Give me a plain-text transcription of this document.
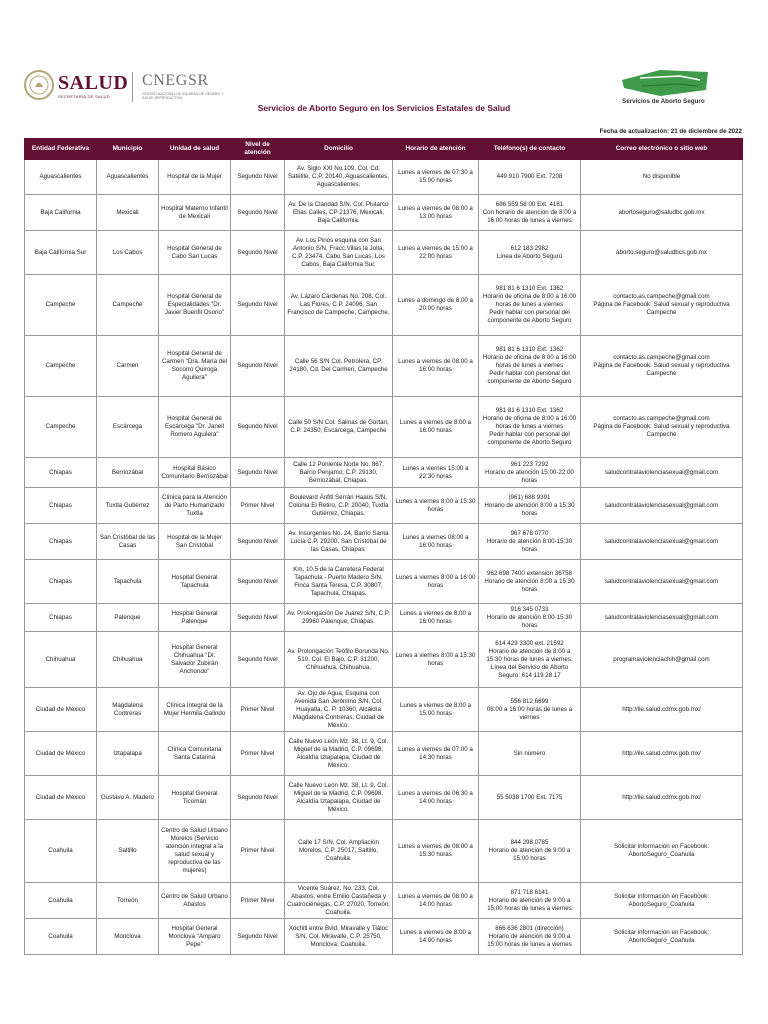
SALUD
SECRETARÍA DE SALUD
CNEGSR
CENTRO NACIONAL DE EQUIDAD DE GÉNERO Y SALUD REPRODUCTIVA	Servicios de Aborto Seguro
Servicios de Aborto Seguro en los Servicios Estatales de Salud
Fecha de actualización: 21 de diciembre de 2022
Entidad Federativa	Municipio	Unidad de salud	Nivel de atención	Domicilio	Horario de atención	Teléfono(s) de contacto	Correo electrónico o sitio web
Aguascalientes	Aguascalientes	Hospital de la Mujer	Segundo Nivel	Av. Siglo XXI No.109, Col. Cd. Satélite, C.P. 20140, Aguascalientes, Aguascalientes.	Lunes a viernes de 07:30 a 15:00 horas	449 910 7900 Ext. 7208	No disponible
Baja California	Mexicali	Hospital Materno Infantil de Mexicali	Segundo Nivel	Av. De la Claridad S/N, Col. Plutarco Elías Calles, CP 21376, Mexicali, Baja California.	Lunes a viernes de 08:00 a 13:00 horas	686 559 58 00 Ext. 4161
Con horario de atención de 8:00 a 16:00 horas de lunes a viernes	abortoseguro@saludbc.gob.mx
Baja California Sur	Los Cabos	Hospital General de Cabo San Lucas	Segundo Nivel	Av. Los Pinos esquina con San Antonio S/N, Fracc.Villas la Jolla, C.P. 23474, Cabo San Lucas, Los Cabos, Baja California Sur.	Lunes a viernes de 15:00 a 22:00 horas	612 183 2982
Línea de Aborto Seguro	aborto.seguro@saludbcs.gob.mx
Campeche	Campeche	Hospital General de Especialidades "Dr. Javier Buenfil Osorio"	Segundo Nivel	Av. Lázaro Cárdenas No. 208, Col. Las Flores, C.P. 24096, San Francisco de Campeche, Campeche.	Lunes a domingo de 8:00 a 20:00 horas	981 81 6 1310 Ext. 1362
Horario de oficina de 8:00 a 16:00 horas de lunes a viernes
Pedir hablar con personal del componente de Aborto Seguro	contacto.as.campeche@gmail.com
Página de Facebook: Salud sexual y reproductiva Campeche
Campeche	Carmen	Hospital General de Carmen "Dra. María del Socorro Quiroga Aguilera"	Segundo Nivel	Calle 56 S/N Col. Petrolera, CP. 24180, Cd. Del Carmen, Campeche	Lunes a viernes de 08:00 a 16:00 horas	981 81 6 1310 Ext. 1362
Horario de oficina de 8:00 a 16:00 horas de lunes a viernes
Pedir hablar con personal del componente de Aborto Seguro	contacto.as.campeche@gmail.com
Página de Facebook: Salud sexual y reproductiva Campeche
Campeche	Escárcega	Hospital General de Escárcega "Dr. Janell Romero Aguilera"	Segundo Nivel	Calle 50 S/N Col. Salinas de Gortari, C.P. 24350, Escárcega, Campeche	Lunes a viernes de 8:00 a 16:00 horas	981 81 6 1310 Ext. 1362
Horario de oficina de 8:00 a 16:00 horas de lunes a viernes
Pedir hablar con personal del componente de Aborto Seguro	contacto.as.campeche@gmail.com
Página de Facebook: Salud sexual y reproductiva Campeche
Chiapas	Berriozábal	Hospital Básico Comunitario Berriozábal	Segundo Nivel	Calle 12 Poniente Norte No. 867, Barrio Penjamo, C.P. 29130, Berriozábal, Chiapas.	Lunes a viernes 15:00 a 22:30 horas	961 223 7292
Horario de atención 15:00-22:00 horas	saludcontralaviolenciasexual@gmail.com
Chiapas	Tuxtla Gutiérrez	Clínica para la Atención de Parto Humanizado Tuxtla	Primer Nivel	Boulevard Ánfitl Serrán Haaüs S/N, Colonia El Retiro, C.P. 20040, Tuxtla Gutiérrez, Chiapas.	Lunes a viernes 8:00 a 15:30 horas	(961) 688 9391
Horario de atención 8:00 a 15:30 horas	saludcontralaviolenciasexual@gmail.com
Chiapas	San Cristóbal de las Casas	Hospital de la Mujer San Cristóbal	Segundo Nivel	Av. Insurgentes No. 24, Barrio Santa Lucía C.P. 29200, San Cristóbal de las Casas, Chiapas.	Lunes a viernes 08:00 a 16:00 horas	967 678 0770
Horario de atención 8:00-15:30 horas	saludcontralaviolenciasexual@gmail.com
Chiapas	Tapachula	Hospital General Tapachula	Segundo Nivel	Km. 10.5 de la Carretera Federal Tapachula - Puerto Madero S/N, Finca Santa Teresa, C.P. 30807, Tapachula, Chiapas.	Lunes a viernes 8:00 a 16:00 horas	962 698 7400 extensión 36758
Horario de atención 8:00 a 15:30 horas	saludcontralaviolenciasexual@gmail.com
Chiapas	Palenque	Hospital General Palenque	Segundo Nivel	Av. Prolongación De Juárez S/N, C.P. 29960 Palenque, Chiapas.	Lunes a viernes de 8:00 a 16:00 horas	916 345 0733
Horario de atención 8:00-15:30 horas	saludcontralaviolenciasexual@gmail.com
Chihuahua	Chihuahua	Hospital General Chihuahua "Dr. Salvador Zubirán Anchondo"	Segundo Nivel	Av. Prolongación Teófilo Borunda No. 510, Col. El Bajo, C.P. 31200, Chihuahua, Chihuahua.	Lunes a viernes 8:00 a 15:30 horas	614 429 3300 ext. 21592
Horario de atención de 8:00 a 15:30 horas de lunes a viernes.
Línea del Servicio de Aborto Seguro: 614 119 28 17	programaviolenciachih@gmail.com
Ciudad de México	Magdalena Contreras	Clínica Integral de la Mujer Hermila Galindo	Primer Nivel	Av. Ojo de Agua, Esquina con Avenida San Jerónimo S/N, Col. Huayatla, C. P. 10360, Alcaldía Magdalena Contreras, Ciudad de México.	Lunes a viernes de 8:00 a 15:00 horas	556 812 6699
08:00 a 16:00 horas de lunes a viernes	http://ile.salud.cdmx.gob.mx/
Ciudad de México	Iztapalapa	Clínica Comunitaria Santa Catarina	Primer Nivel	Calle Nuevo León Mz. 38, Lt. 9, Col. Miguel de la Madrid, C.P. 09698, Alcaldía Iztapalapa, Ciudad de México.	Lunes a viernes de 07:00 a 14:30 horas	Sin número	http://ile.salud.cdmx.gob.mx/
Ciudad de México	Gustavo A. Madero	Hospital General Ticomán	Segundo Nivel	Calle Nuevo León Mz. 38, Lt. 9, Col. Miguel de la Madrid, C.P. 09698, Alcaldía Iztapalapa, Ciudad de México.	Lunes a viernes de 06:30 a 14:00 horas	55 5038 1700 Ext. 7175	http://ile.salud.cdmx.gob.mx/
Coahuila	Saltillo	Centro de Salud Urbano Morelos (Servicio atención integral a la salud sexual y reproductiva de las mujeres)	Primer Nivel	Calle 17 S/N, Col. Ampliación Morelos, C.P. 25017, Saltillo, Coahuila.	Lunes a viernes de 08:00 a 15:30 horas	844 298 0785
Horario de atención de 9:00 a 15:00 horas	Solicitar información en Facebook: AbortoSeguro_Coahuila
Coahuila	Torreón	Centro de Salud Urbano Abastos	Primer Nivel	Vicente Suárez, No. 233, Col. Abastos, entre Emilio Castañeda y Cuatrociénegas, C.P. 27020, Torreón, Coahuila.	Lunes a viernes de 08:00 a 14:00 horas	871 718 6141
Horario de atención de 9:00 a 15:00 horas de lunes a viernes	Solicitar información en Facebook: AbortoSeguro_Coahuila
Coahuila	Monclova	Hospital General Monclova "Amparo Pepe"	Segundo Nivel	Xóchitl entre Bvld. Miravalle y Tláloc S/N, Col. Miravalle, C.P. 25750, Monclova, Coahuila.	Lunes a viernes de 8:00 a 14:00 horas	866 636 2801 (dirección)
Horario de atención de 9:00 a 15:00 horas de lunes a viernes	Solicitar información en Facebook: AbortoSeguro_Coahuila
